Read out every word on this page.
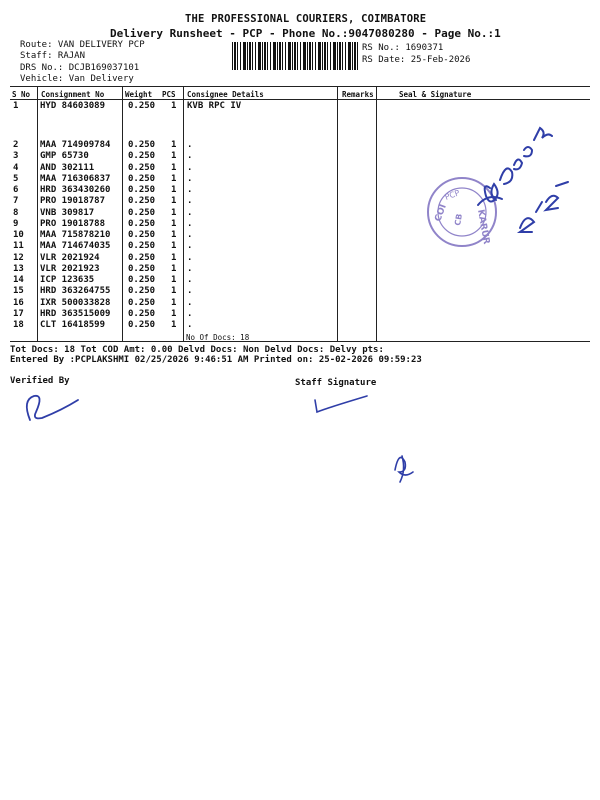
THE PROFESSIONAL COURIERS, COIMBATORE
Delivery Runsheet - PCP - Phone No.:9047080280 - Page No.:1
Route: VAN DELIVERY PCP
Staff: RAJAN
DRS No.: DCJB169037101
Vehicle: Van Delivery
RS No.: 1690371
RS Date: 25-Feb-2026
S No Consignment No	Weight PCS Consignee Details	Remarks	Seal & Signature
1 HYD 84603089	0.250 1 KVB RPC IV
2 MAA 714909784 0.250 1 .
3 GMP 65730	0.250 1 .
4 AND 302111	0.250 1 .
5 MAA 716306837 0.250 1 .
6 HRD 363430260 0.250 1 .
7 PRO 19018787	0.250 1 .
8 VNB 309817	0.250 1 .
9 PRO 19018788	0.250 1 .
10 MAA 715878210 0.250 1 .
11 MAA 714674035 0.250 1 .
12 VLR 2021924	0.250 1 .
13 VLR 2021923	0.250 1 .
14 ICP 123635	0.250 1 .
15 HRD 363264755 0.250 1 .
16 IXR 500033828 0.250 1 .
17 HRD 363515009 0.250 1 .
18 CLT 16418599	0.250 1 .
No Of Docs: 18
Tot Docs: 18 Tot COD Amt: 0.00 Delvd Docs: Non Delvd Docs: Delvy pts:
Entered By :PCPLAKSHMI 02/25/2026 9:46:51 AM Printed on: 25-02-2026 09:59:23
Verified By	Staff Signature
PCP
COI CB KARUR
